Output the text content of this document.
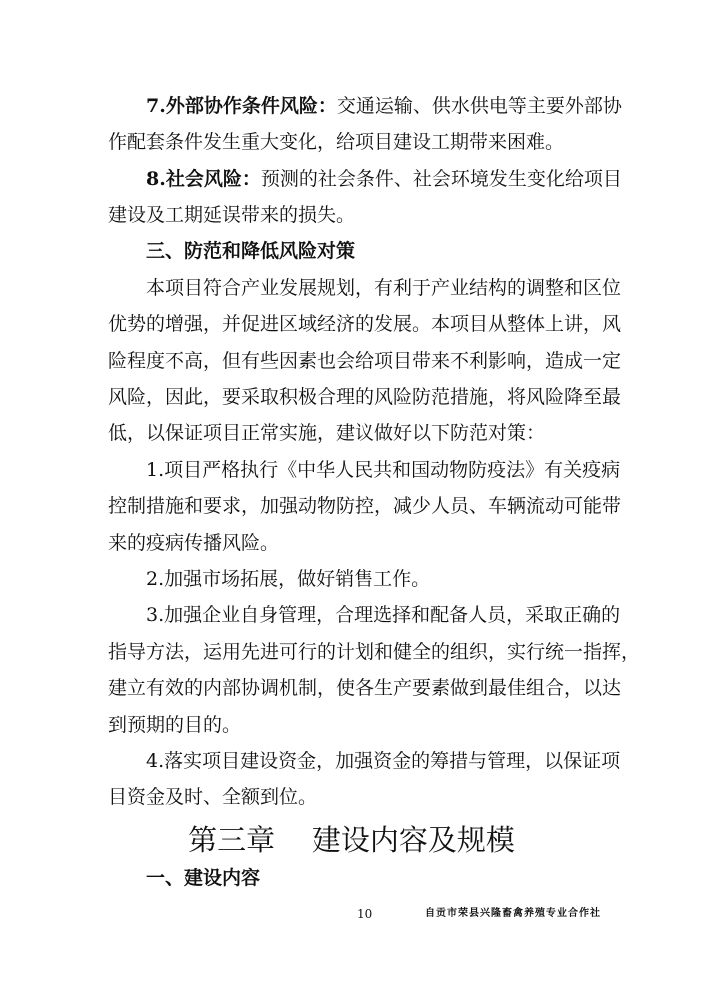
7.外部协作条件风险：交通运输、供水供电等主要外部协
作配套条件发生重大变化，给项目建设工期带来困难。
8.社会风险：预测的社会条件、社会环境发生变化给项目
建设及工期延误带来的损失。
三、防范和降低风险对策
本项目符合产业发展规划，有利于产业结构的调整和区位
优势的增强，并促进区域经济的发展。本项目从整体上讲，风
险程度不高，但有些因素也会给项目带来不利影响，造成一定
风险，因此，要采取积极合理的风险防范措施，将风险降至最
低，以保证项目正常实施，建议做好以下防范对策：
1.项目严格执行《中华人民共和国动物防疫法》有关疫病
控制措施和要求，加强动物防控，减少人员、车辆流动可能带
来的疫病传播风险。
2.加强市场拓展，做好销售工作。
3.加强企业自身管理，合理选择和配备人员，采取正确的
指导方法，运用先进可行的计划和健全的组织，实行统一指挥，
建立有效的内部协调机制，使各生产要素做到最佳组合，以达
到预期的目的。
4.落实项目建设资金，加强资金的筹措与管理，以保证项
目资金及时、全额到位。
第三章    建设内容及规模
一、建设内容
10	自贡市荣县兴隆畜禽养殖专业合作社
